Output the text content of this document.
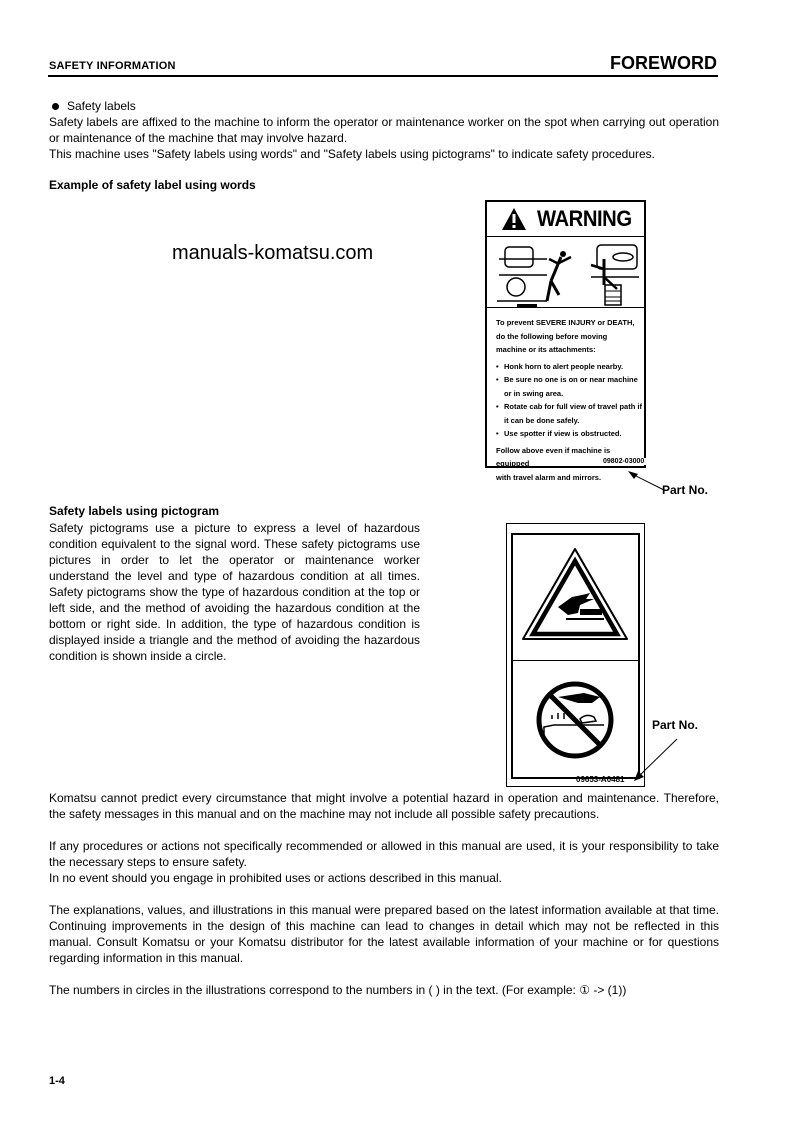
SAFETY INFORMATION	FOREWORD
Safety labels
Safety labels are affixed to the machine to inform the operator or maintenance worker on the spot when carrying out operation or maintenance of the machine that may involve hazard.
This machine uses "Safety labels using words" and "Safety labels using pictograms" to indicate safety procedures.
Example of safety label using words
manuals-komatsu.com
WARNING
To prevent SEVERE INJURY or DEATH,
do the following before moving
machine or its attachments:
• Honk horn to alert people nearby.
• Be sure no one is on or near machine or in swing area.
• Rotate cab for full view of travel path if it can be done safely.
• Use spotter if view is obstructed.
Follow above even if machine is equipped
with travel alarm and mirrors.
09802-03000
Part No.
Safety labels using pictogram
Safety pictograms use a picture to express a level of hazardous condition equivalent to the signal word. These safety pictograms use pictures in order to let the operator or maintenance worker understand the level and type of hazardous condition at all times. Safety pictograms show the type of hazardous condition at the top or left side, and the method of avoiding the hazardous condition at the bottom or right side. In addition, the type of hazardous condition is displayed inside a triangle and the method of avoiding the hazardous condition is shown inside a circle.
09653-A0481
Part No.
Komatsu cannot predict every circumstance that might involve a potential hazard in operation and maintenance. Therefore, the safety messages in this manual and on the machine may not include all possible safety precautions.
If any procedures or actions not specifically recommended or allowed in this manual are used, it is your responsibility to take the necessary steps to ensure safety.
In no event should you engage in prohibited uses or actions described in this manual.
The explanations, values, and illustrations in this manual were prepared based on the latest information available at that time. Continuing improvements in the design of this machine can lead to changes in detail which may not be reflected in this manual. Consult Komatsu or your Komatsu distributor for the latest available information of your machine or for questions regarding information in this manual.
The numbers in circles in the illustrations correspond to the numbers in ( ) in the text. (For example: ① -> (1))
1-4
